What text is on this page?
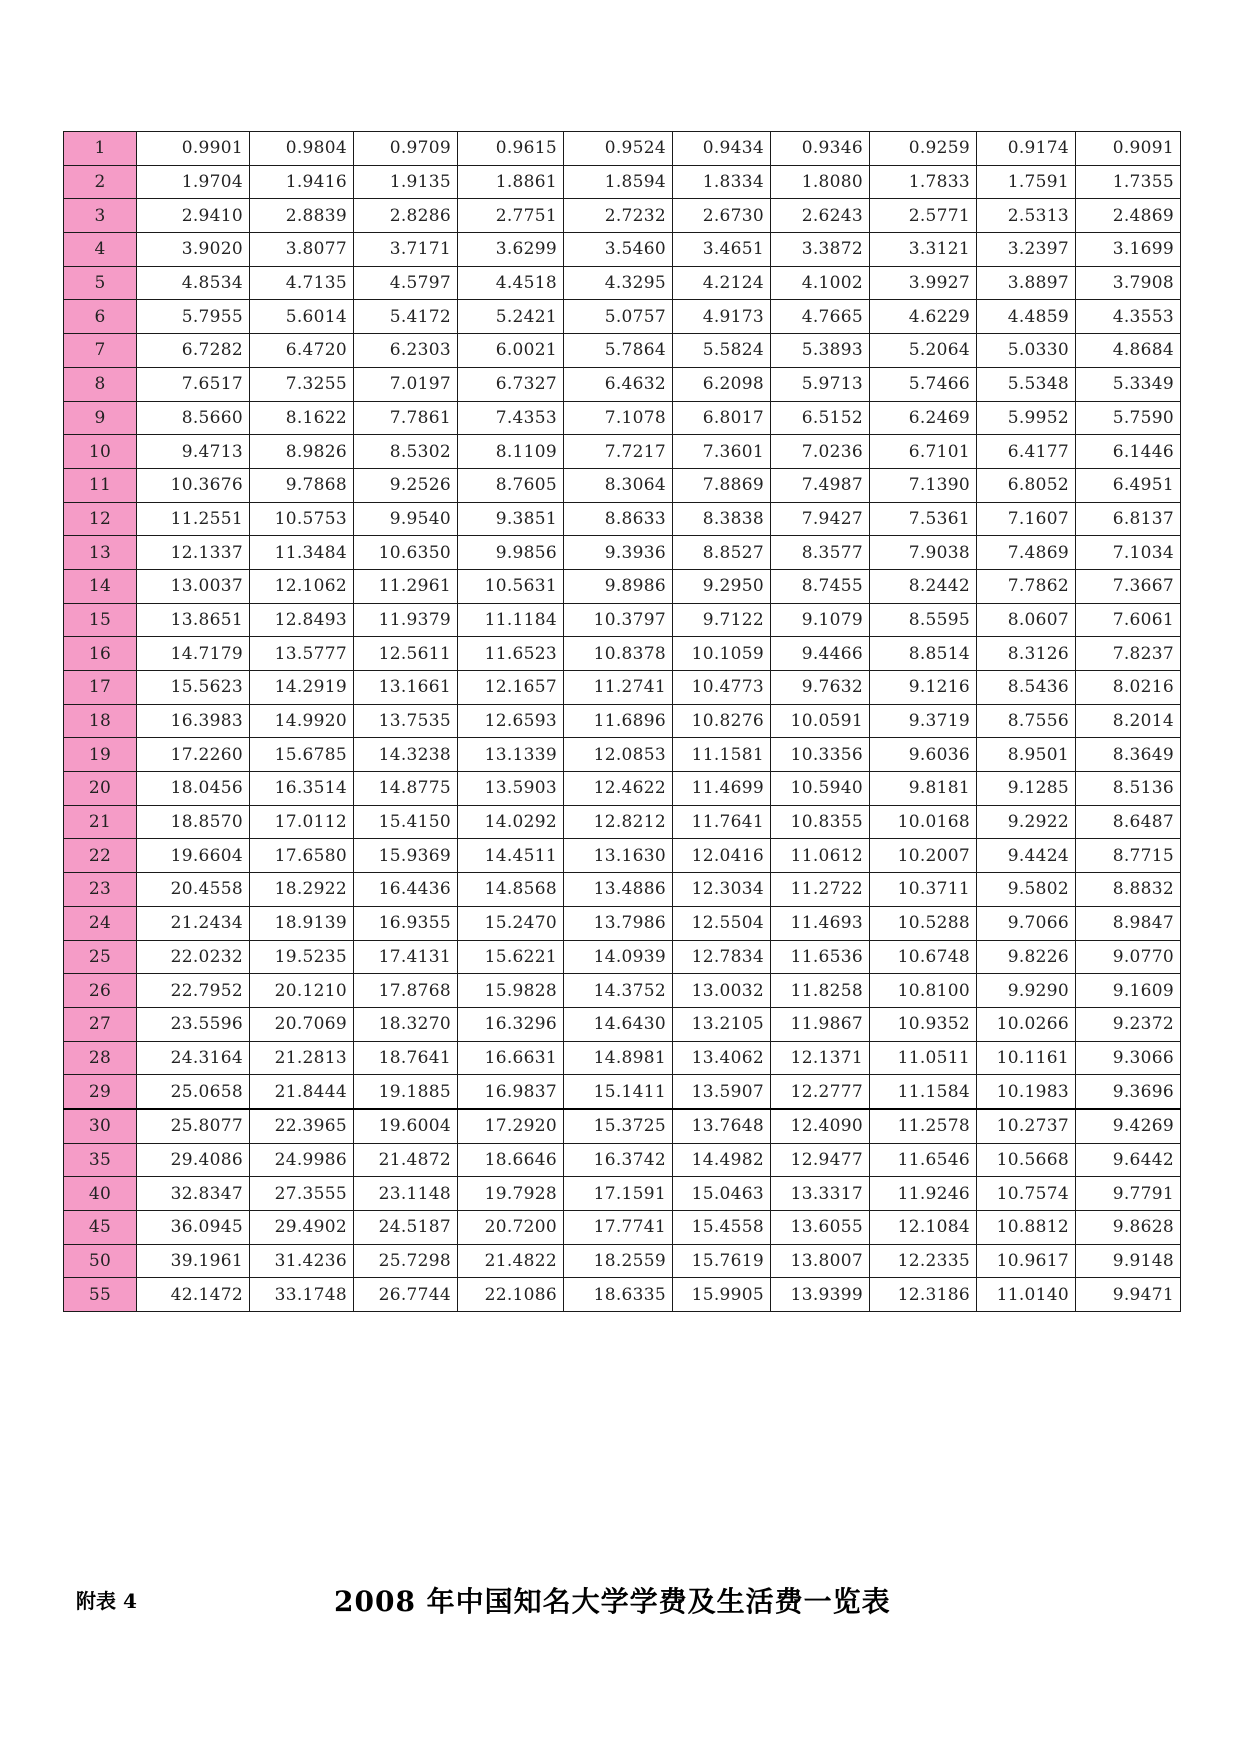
1	0.9901	0.9804	0.9709	0.9615	0.9524	0.9434	0.9346	0.9259	0.9174	0.9091
2	1.9704	1.9416	1.9135	1.8861	1.8594	1.8334	1.8080	1.7833	1.7591	1.7355
3	2.9410	2.8839	2.8286	2.7751	2.7232	2.6730	2.6243	2.5771	2.5313	2.4869
4	3.9020	3.8077	3.7171	3.6299	3.5460	3.4651	3.3872	3.3121	3.2397	3.1699
5	4.8534	4.7135	4.5797	4.4518	4.3295	4.2124	4.1002	3.9927	3.8897	3.7908
6	5.7955	5.6014	5.4172	5.2421	5.0757	4.9173	4.7665	4.6229	4.4859	4.3553
7	6.7282	6.4720	6.2303	6.0021	5.7864	5.5824	5.3893	5.2064	5.0330	4.8684
8	7.6517	7.3255	7.0197	6.7327	6.4632	6.2098	5.9713	5.7466	5.5348	5.3349
9	8.5660	8.1622	7.7861	7.4353	7.1078	6.8017	6.5152	6.2469	5.9952	5.7590
10	9.4713	8.9826	8.5302	8.1109	7.7217	7.3601	7.0236	6.7101	6.4177	6.1446
11	10.3676	9.7868	9.2526	8.7605	8.3064	7.8869	7.4987	7.1390	6.8052	6.4951
12	11.2551	10.5753	9.9540	9.3851	8.8633	8.3838	7.9427	7.5361	7.1607	6.8137
13	12.1337	11.3484	10.6350	9.9856	9.3936	8.8527	8.3577	7.9038	7.4869	7.1034
14	13.0037	12.1062	11.2961	10.5631	9.8986	9.2950	8.7455	8.2442	7.7862	7.3667
15	13.8651	12.8493	11.9379	11.1184	10.3797	9.7122	9.1079	8.5595	8.0607	7.6061
16	14.7179	13.5777	12.5611	11.6523	10.8378	10.1059	9.4466	8.8514	8.3126	7.8237
17	15.5623	14.2919	13.1661	12.1657	11.2741	10.4773	9.7632	9.1216	8.5436	8.0216
18	16.3983	14.9920	13.7535	12.6593	11.6896	10.8276	10.0591	9.3719	8.7556	8.2014
19	17.2260	15.6785	14.3238	13.1339	12.0853	11.1581	10.3356	9.6036	8.9501	8.3649
20	18.0456	16.3514	14.8775	13.5903	12.4622	11.4699	10.5940	9.8181	9.1285	8.5136
21	18.8570	17.0112	15.4150	14.0292	12.8212	11.7641	10.8355	10.0168	9.2922	8.6487
22	19.6604	17.6580	15.9369	14.4511	13.1630	12.0416	11.0612	10.2007	9.4424	8.7715
23	20.4558	18.2922	16.4436	14.8568	13.4886	12.3034	11.2722	10.3711	9.5802	8.8832
24	21.2434	18.9139	16.9355	15.2470	13.7986	12.5504	11.4693	10.5288	9.7066	8.9847
25	22.0232	19.5235	17.4131	15.6221	14.0939	12.7834	11.6536	10.6748	9.8226	9.0770
26	22.7952	20.1210	17.8768	15.9828	14.3752	13.0032	11.8258	10.8100	9.9290	9.1609
27	23.5596	20.7069	18.3270	16.3296	14.6430	13.2105	11.9867	10.9352	10.0266	9.2372
28	24.3164	21.2813	18.7641	16.6631	14.8981	13.4062	12.1371	11.0511	10.1161	9.3066
29	25.0658	21.8444	19.1885	16.9837	15.1411	13.5907	12.2777	11.1584	10.1983	9.3696
30	25.8077	22.3965	19.6004	17.2920	15.3725	13.7648	12.4090	11.2578	10.2737	9.4269
35	29.4086	24.9986	21.4872	18.6646	16.3742	14.4982	12.9477	11.6546	10.5668	9.6442
40	32.8347	27.3555	23.1148	19.7928	17.1591	15.0463	13.3317	11.9246	10.7574	9.7791
45	36.0945	29.4902	24.5187	20.7200	17.7741	15.4558	13.6055	12.1084	10.8812	9.8628
50	39.1961	31.4236	25.7298	21.4822	18.2559	15.7619	13.8007	12.2335	10.9617	9.9148
55	42.1472	33.1748	26.7744	22.1086	18.6335	15.9905	13.9399	12.3186	11.0140	9.9471
附表 4	2008 年中国知名大学学费及生活费一览表
